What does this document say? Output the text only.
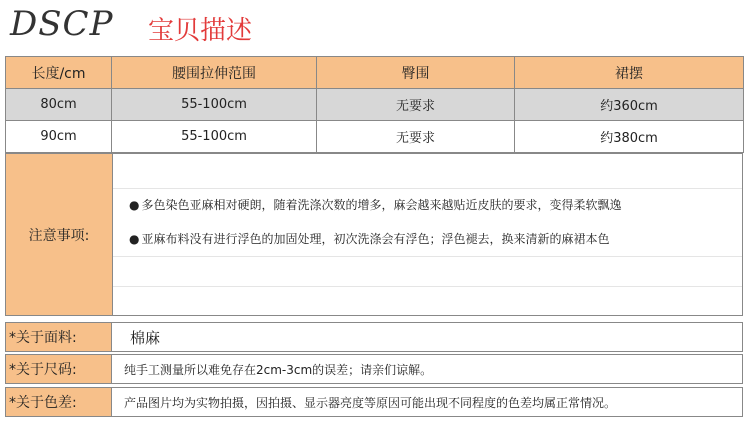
DSCP 宝贝描述
长度/cm	腰围拉伸范围	臀围	裙摆
80cm	55-100cm	无要求	约360cm
90cm	55-100cm	无要求	约380cm
注意事项:
● 多色染色亚麻相对硬朗，随着洗涤次数的增多，麻会越来越贴近皮肤的要求，变得柔软飘逸
● 亚麻布料没有进行浮色的加固处理，初次洗涤会有浮色；浮色褪去，换来清新的麻裙本色
*关于面料:	棉麻
*关于尺码:	纯手工测量所以难免存在2cm-3cm的误差；请亲们谅解。
*关于色差:	产品图片均为实物拍摄，因拍摄、显示器亮度等原因可能出现不同程度的色差均属正常情况。
